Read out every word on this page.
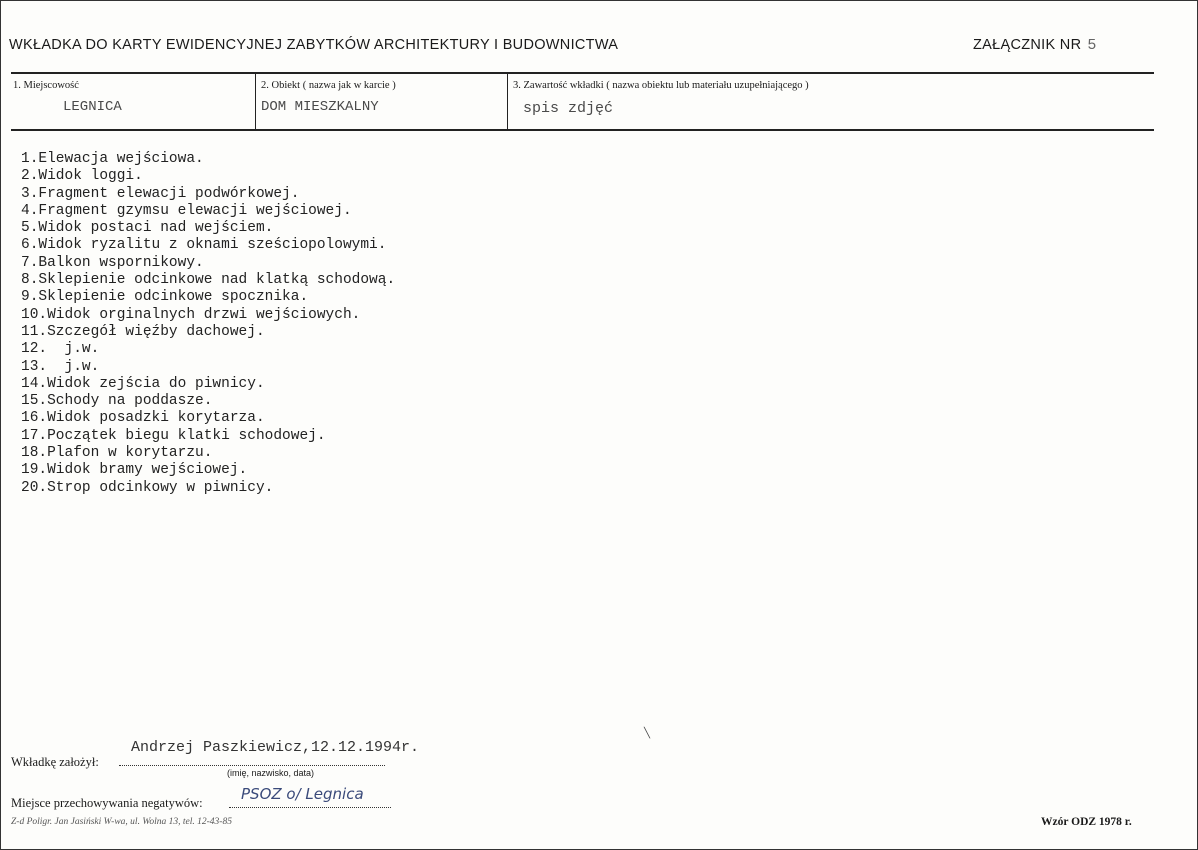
WKŁADKA DO KARTY EWIDENCYJNEJ ZABYTKÓW ARCHITEKTURY I BUDOWNICTWA	ZAŁĄCZNIK NR 5
1. Miejscowość
LEGNICA
2. Obiekt ( nazwa jak w karcie )
DOM MIESZKALNY
3. Zawartość wkładki ( nazwa obiektu lub materiału uzupełniającego )
spis zdjęć
1.Elewacja wejściowa.
2.Widok loggi.
3.Fragment elewacji podwórkowej.
4.Fragment gzymsu elewacji wejściowej.
5.Widok postaci nad wejściem.
6.Widok ryzalitu z oknami sześciopolowymi.
7.Balkon wspornikowy.
8.Sklepienie odcinkowe nad klatką schodową.
9.Sklepienie odcinkowe spocznika.
10.Widok orginalnych drzwi wejściowych.
11.Szczegół więźby dachowej.
12.  j.w.
13.  j.w.
14.Widok zejścia do piwnicy.
15.Schody na poddasze.
16.Widok posadzki korytarza.
17.Początek biegu klatki schodowej.
18.Plafon w korytarzu.
19.Widok bramy wejściowej.
20.Strop odcinkowy w piwnicy.
╲
Andrzej Paszkiewicz,12.12.1994r.
Wkładkę założył:
(imię, nazwisko, data)
Miejsce przechowywania negatywów:	PSOZ o/ Legnica
Z-d Poligr. Jan Jasiński W-wa, ul. Wolna 13, tel. 12-43-85	Wzór ODZ 1978 r.
